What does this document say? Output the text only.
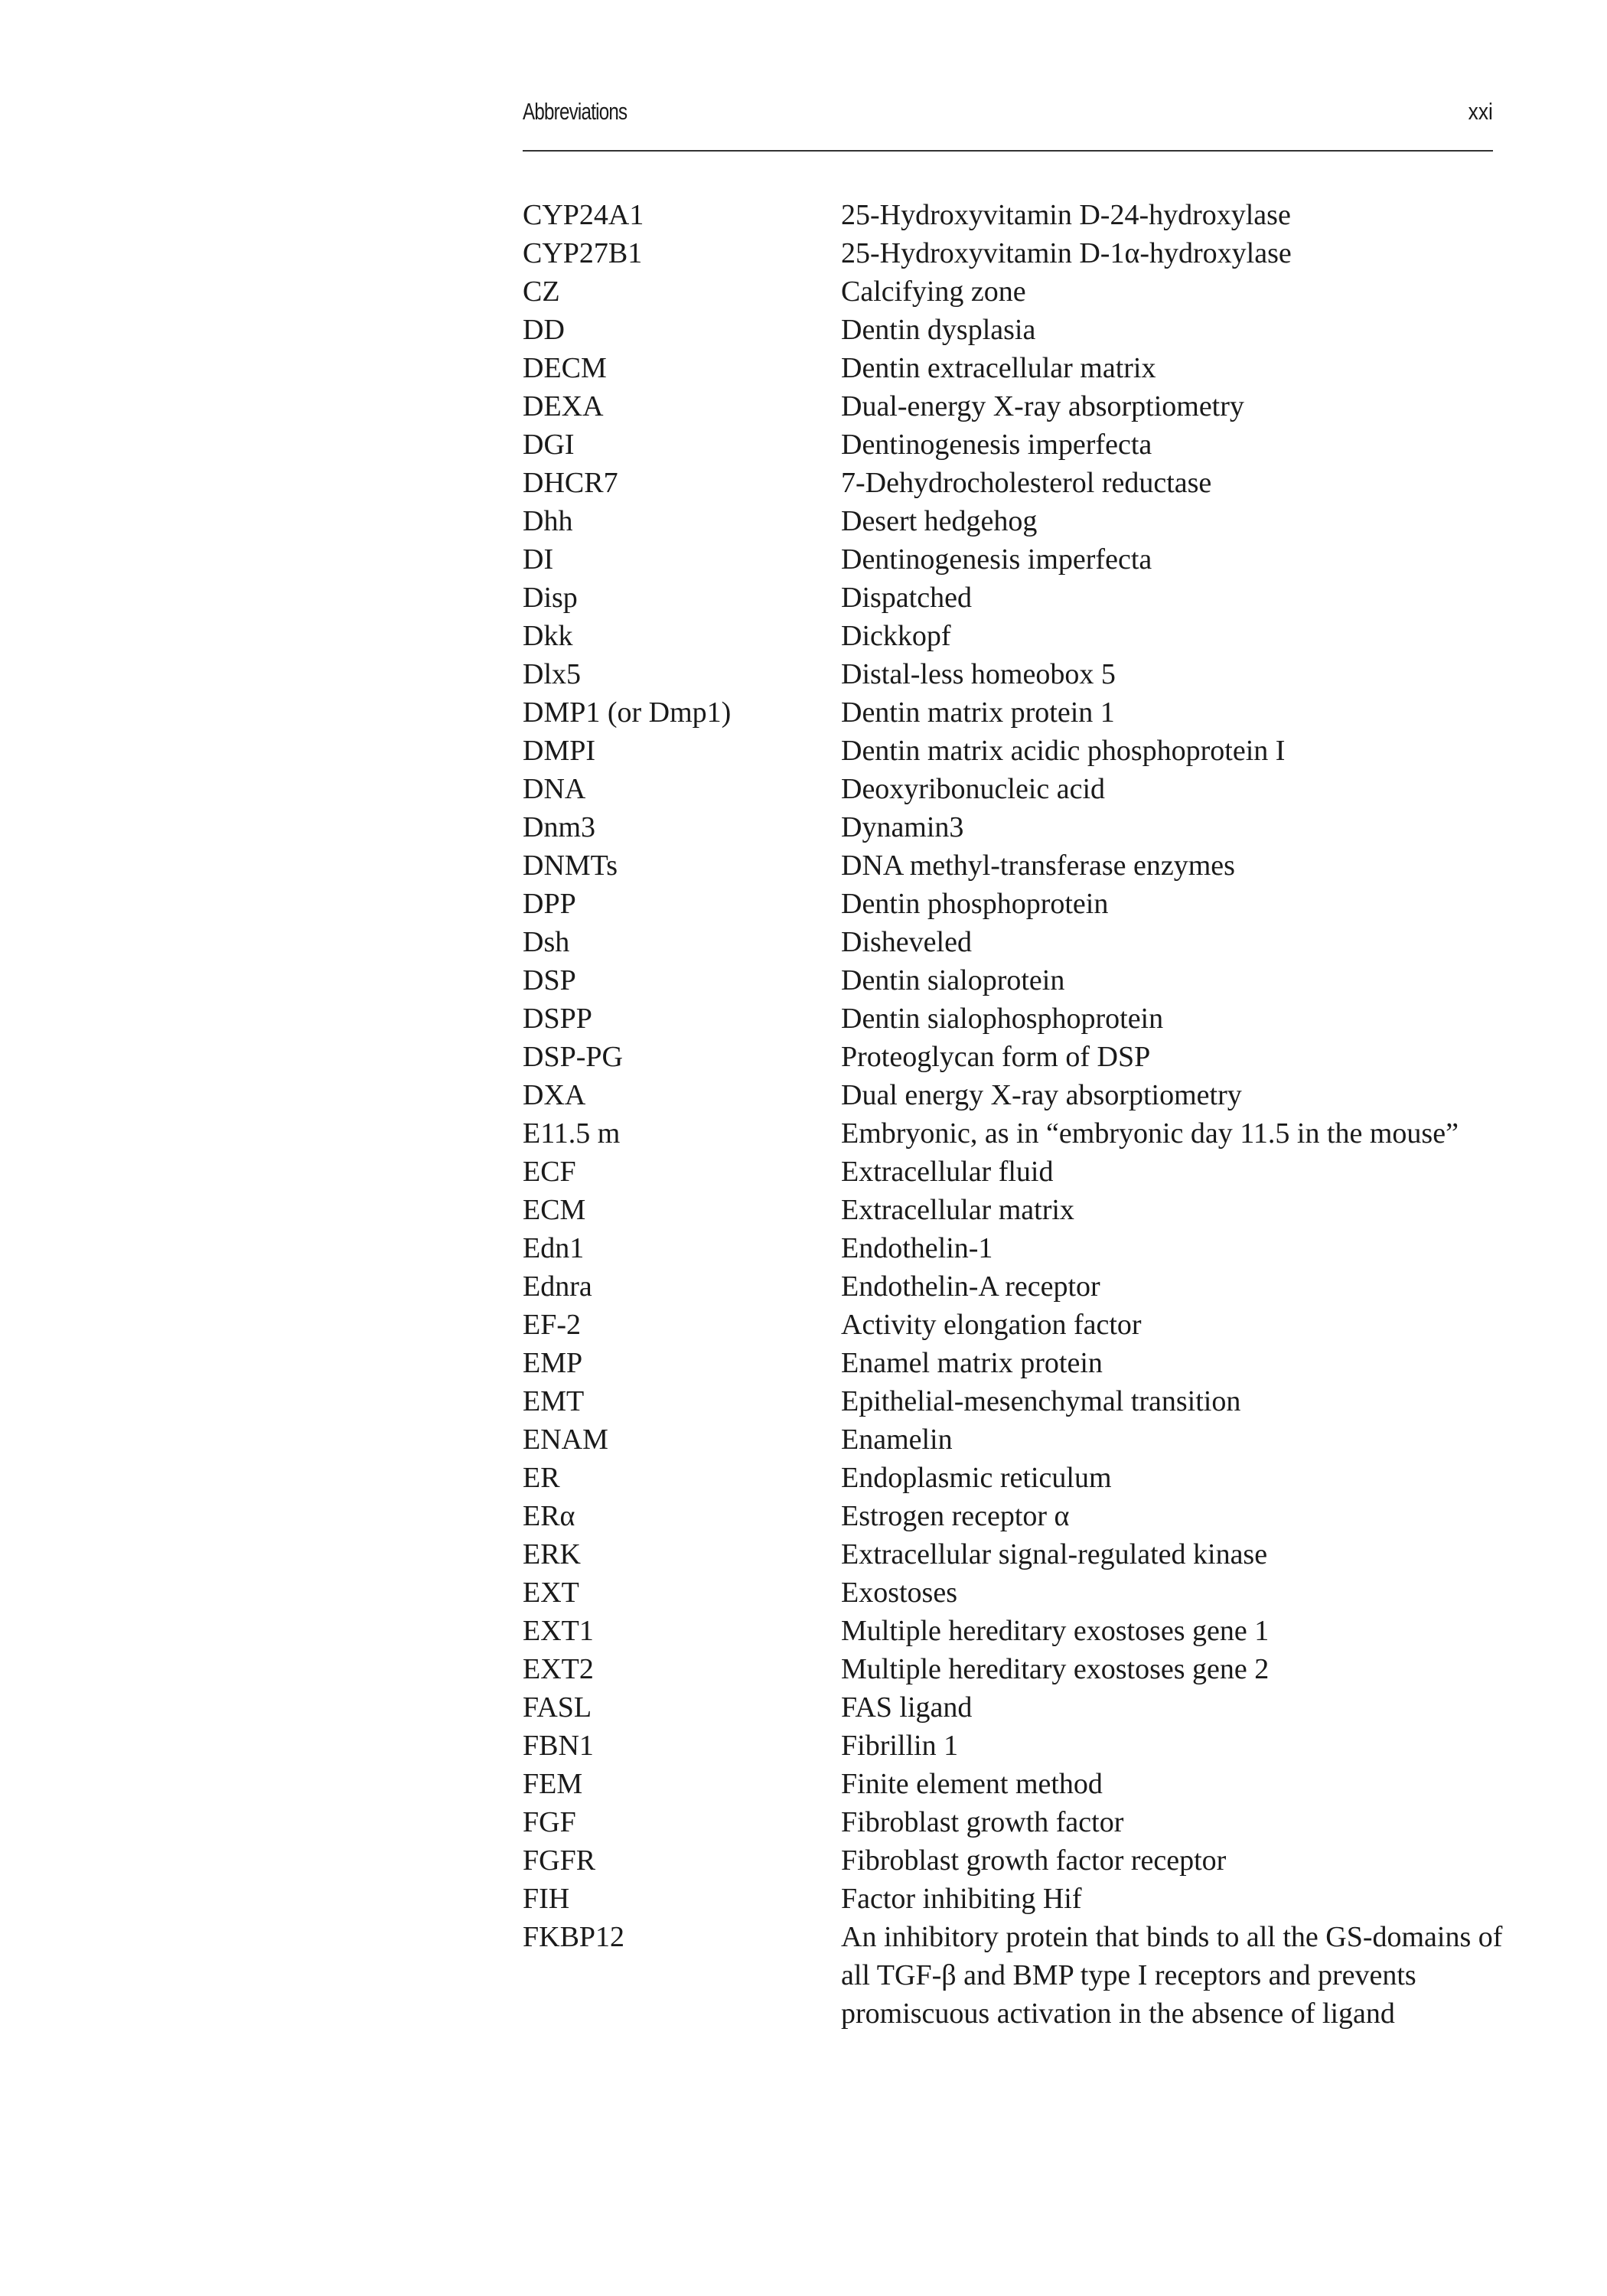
Abbreviations	xxi
CYP24A1	25-Hydroxyvitamin D-24-hydroxylase
CYP27B1	25-Hydroxyvitamin D-1α-hydroxylase
CZ	Calcifying zone
DD	Dentin dysplasia
DECM	Dentin extracellular matrix
DEXA	Dual-energy X-ray absorptiometry
DGI	Dentinogenesis imperfecta
DHCR7	7-Dehydrocholesterol reductase
Dhh	Desert hedgehog
DI	Dentinogenesis imperfecta
Disp	Dispatched
Dkk	Dickkopf
Dlx5	Distal-less homeobox 5
DMP1 (or Dmp1)	Dentin matrix protein 1
DMPI	Dentin matrix acidic phosphoprotein I
DNA	Deoxyribonucleic acid
Dnm3	Dynamin3
DNMTs	DNA methyl-transferase enzymes
DPP	Dentin phosphoprotein
Dsh	Disheveled
DSP	Dentin sialoprotein
DSPP	Dentin sialophosphoprotein
DSP-PG	Proteoglycan form of DSP
DXA	Dual energy X-ray absorptiometry
E11.5 m	Embryonic, as in “embryonic day 11.5 in the mouse”
ECF	Extracellular fluid
ECM	Extracellular matrix
Edn1	Endothelin-1
Ednra	Endothelin-A receptor
EF-2	Activity elongation factor
EMP	Enamel matrix protein
EMT	Epithelial-mesenchymal transition
ENAM	Enamelin
ER	Endoplasmic reticulum
ERα	Estrogen receptor α
ERK	Extracellular signal-regulated kinase
EXT	Exostoses
EXT1	Multiple hereditary exostoses gene 1
EXT2	Multiple hereditary exostoses gene 2
FASL	FAS ligand
FBN1	Fibrillin 1
FEM	Finite element method
FGF	Fibroblast growth factor
FGFR	Fibroblast growth factor receptor
FIH	Factor inhibiting Hif
FKBP12	An inhibitory protein that binds to all the GS-domains of all TGF-β and BMP type I receptors and prevents promiscuous activation in the absence of ligand
